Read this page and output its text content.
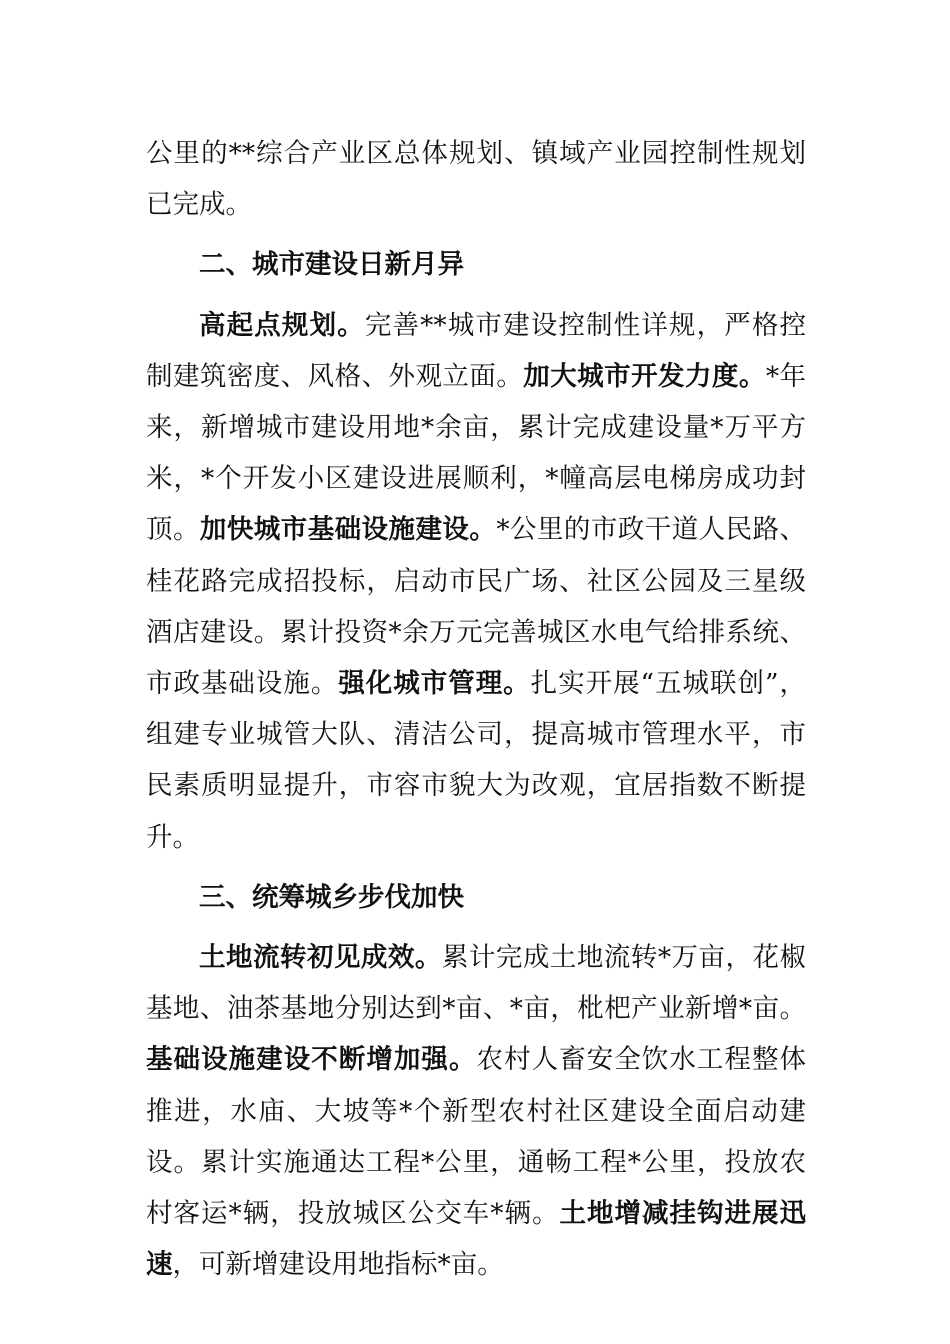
公里的**综合产业区总体规划、镇域产业园控制性规划已完成。

二、城市建设日新月异

高起点规划。完善**城市建设控制性详规，严格控制建筑密度、风格、外观立面。加大城市开发力度。*年来，新增城市建设用地*余亩，累计完成建设量*万平方米，*个开发小区建设进展顺利，*幢高层电梯房成功封顶。加快城市基础设施建设。*公里的市政干道人民路、桂花路完成招投标，启动市民广场、社区公园及三星级酒店建设。累计投资*余万元完善城区水电气给排系统、市政基础设施。强化城市管理。扎实开展“五城联创”，组建专业城管大队、清洁公司，提高城市管理水平，市民素质明显提升，市容市貌大为改观，宜居指数不断提升。

三、统筹城乡步伐加快

土地流转初见成效。累计完成土地流转*万亩，花椒基地、油茶基地分别达到*亩、*亩，枇杷产业新增*亩。基础设施建设不断增加强。农村人畜安全饮水工程整体推进，水庙、大坡等*个新型农村社区建设全面启动建设。累计实施通达工程*公里，通畅工程*公里，投放农村客运*辆，投放城区公交车*辆。土地增减挂钩进展迅速，可新增建设用地指标*亩。
